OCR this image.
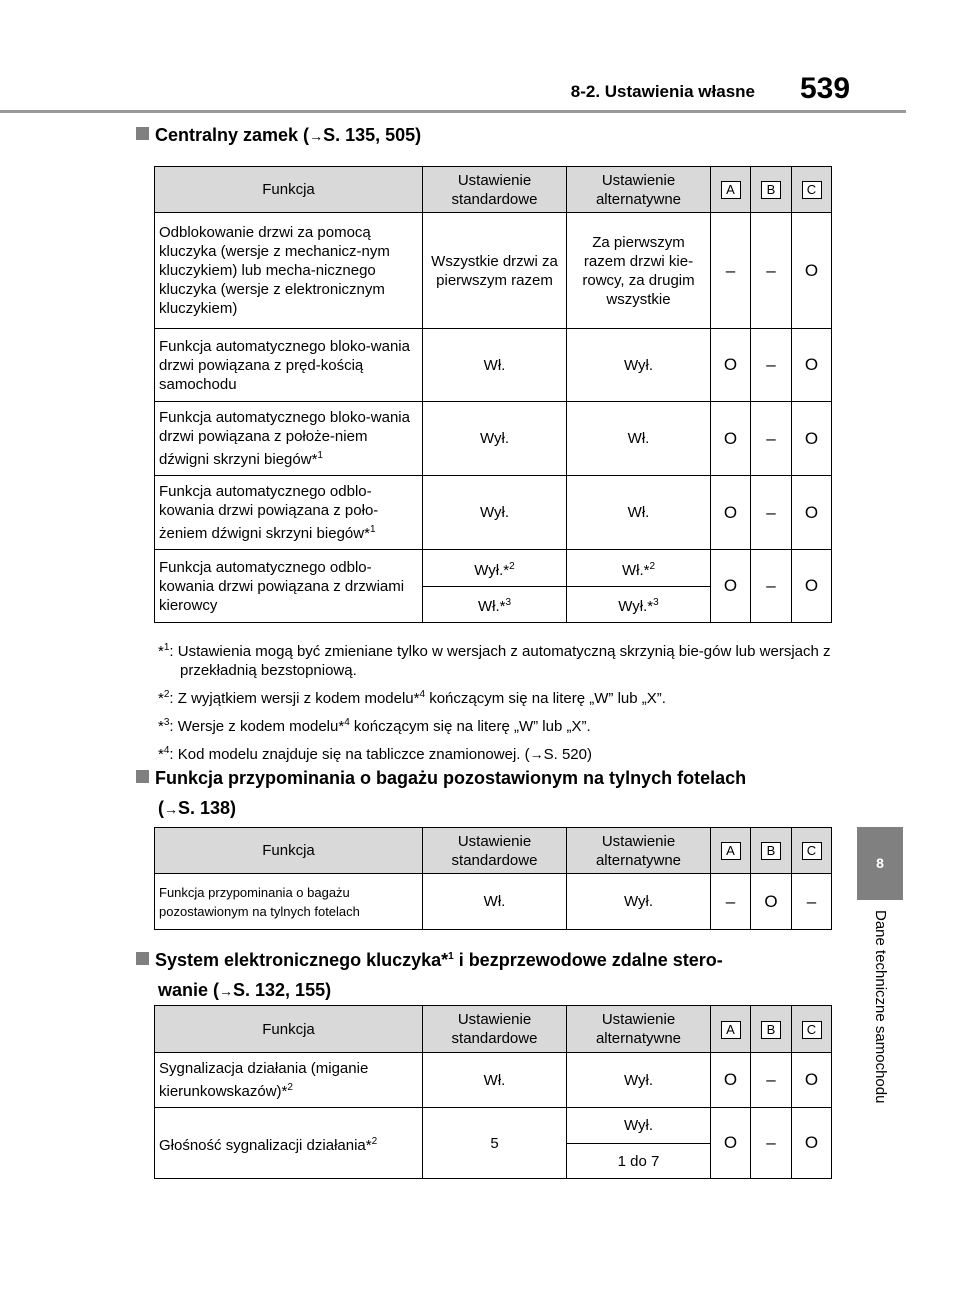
8-2. Ustawienia własne 539
8
Dane techniczne samochodu
Centralny zamek (→S. 135, 505)
Funkcja	Ustawienie standardowe	Ustawienie alternatywne	A	B	C
Odblokowanie drzwi za pomocą kluczyka (wersje z mechanicz-nym kluczykiem) lub mecha-nicznego kluczyka (wersje z elektronicznym kluczykiem)	Wszystkie drzwi za pierwszym razem	Za pierwszym razem drzwi kie-rowcy, za drugim wszystkie	–	–	O
Funkcja automatycznego bloko-wania drzwi powiązana z pręd-kością samochodu	Wł.	Wył.	O	–	O
Funkcja automatycznego bloko-wania drzwi powiązana z położe-niem dźwigni skrzyni biegów*$^1$	Wył.	Wł.	O	–	O
Funkcja automatycznego odblo-kowania drzwi powiązana z poło-żeniem dźwigni skrzyni biegów*$^1$	Wył.	Wł.	O	–	O
Funkcja automatycznego odblo-kowania drzwi powiązana z drzwiami kierowcy	Wył.*$^2$	Wł.*$^2$	O	–	O
	Wł.*$^3$	Wył.*$^3$
*$^1$: Ustawienia mogą być zmieniane tylko w wersjach z automatyczną skrzynią bie-gów lub wersjach z przekładnią bezstopniową.
*$^2$: Z wyjątkiem wersji z kodem modelu*$^4$ kończącym się na literę „W” lub „X”.
*$^3$: Wersje z kodem modelu*$^4$ kończącym się na literę „W” lub „X”.
*$^4$: Kod modelu znajduje się na tabliczce znamionowej. (→S. 520)
Funkcja przypominania o bagażu pozostawionym na tylnych fotelach
(→S. 138)
Funkcja	Ustawienie standardowe	Ustawienie alternatywne	A	B	C
Funkcja przypominania o bagażu pozostawionym na tylnych fotelach	Wł.	Wył.	–	O	–
System elektronicznego kluczyka*$^1$ i bezprzewodowe zdalne stero-
wanie (→S. 132, 155)
Funkcja	Ustawienie standardowe	Ustawienie alternatywne	A	B	C
Sygnalizacja działania (miganie kierunkowskazów)*$^2$	Wł.	Wył.	O	–	O
Głośność sygnalizacji działania*$^2$	5	Wył.	O	–	O
		1 do 7			
